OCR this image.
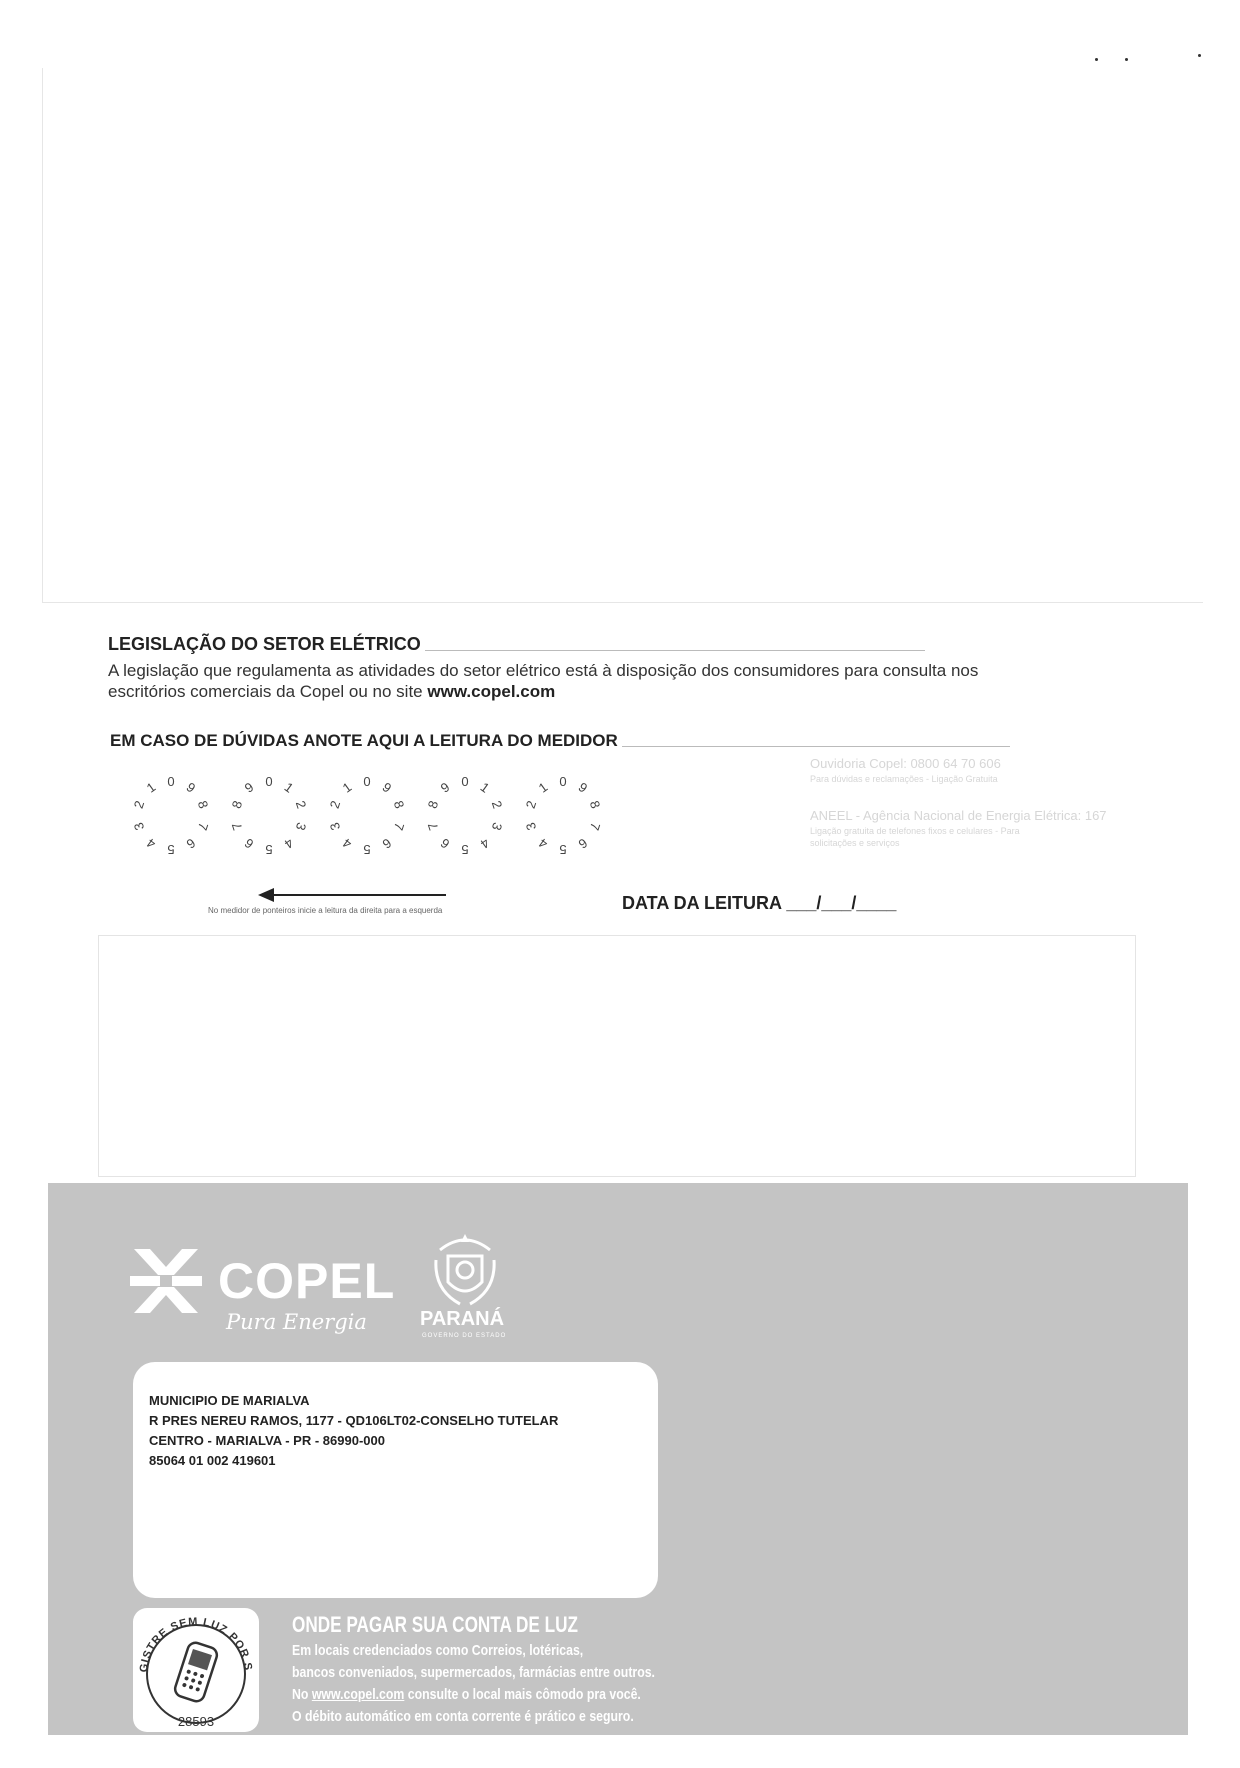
LEGISLAÇÃO DO SETOR ELÉTRICO
A legislação que regulamenta as atividades do setor elétrico está à disposição dos consumidores para consulta nos
escritórios comerciais da Copel ou no site www.copel.com
EM CASO DE DÚVIDAS ANOTE AQUI A LEITURA DO MEDIDOR
0
1
2
3
4 5 6
7
8
9	0 1
2
3
4
5
6
7
8
9	0
1
2
3
4 5 6
7
8
9	0 1
2
3
4
5
6
7
8
9	0
1
2
3
4 5 6
7
8
9
No medidor de ponteiros inicie a leitura da direita para a esquerda
Ouvidoria Copel: 0800 64 70 606
Para dúvidas e reclamações - Ligação Gratuita
ANEEL - Agência Nacional de Energia Elétrica: 167
Ligação gratuita de telefones fixos e celulares - Para
solicitações e serviços
DATA DA LEITURA ___/___/____
COPEL
Pura Energia	PARANÁ
GOVERNO DO ESTADO
MUNICIPIO DE MARIALVA
R PRES NEREU RAMOS, 1177 - QD106LT02-CONSELHO TUTELAR
CENTRO - MARIALVA - PR - 86990-000
85064 01 002 419601
GISTRE SEM LUZ POR S
28593
ONDE PAGAR SUA CONTA DE LUZ
Em locais credenciados como Correios, lotéricas,
bancos conveniados, supermercados, farmácias entre outros.
No www.copel.com consulte o local mais cômodo pra você.
O débito automático em conta corrente é prático e seguro.
